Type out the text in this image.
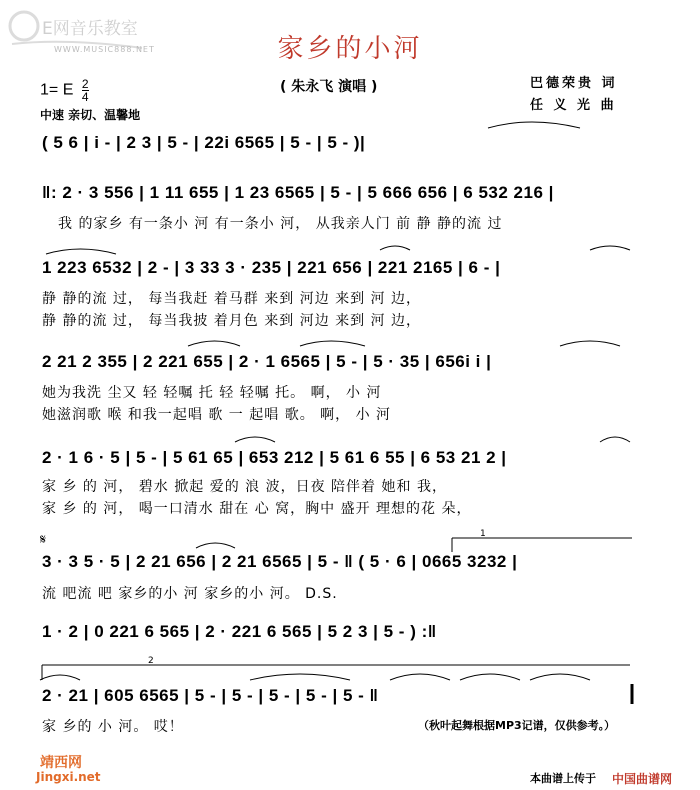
E网音乐教室
WWW.MUSIC888.NET	家乡的小河
( 朱永飞 演唱 )	巴德荣贵 词
任 义 光 曲
1= E $\frac{2}{4}$
中速 亲切、温馨地
( 5 6 | i - | 2 3 | 5 - | 22i 6565 | 5 - | 5 - )|
‖: 2 · 3 556 | 1 11 655 | 1 23 6565 | 5 - | 5 666 656 | 6 532 216 |
我 的家乡 有一条小 河 有一条小 河， 从我亲人门 前 静 静的流 过
1 223 6532 | 2 - | 3 33 3 · 235 | 221 656 | 221 2165 | 6 - |
静 静的流 过， 每当我赶 着马群 来到 河边 来到 河 边，
静 静的流 过， 每当我披 着月色 来到 河边 来到 河 边，
2 21 2 355 | 2 221 655 | 2 · 1 6565 | 5 - | 5 · 35 | 656i i |
她为我洗 尘又 轻 轻嘱 托 轻 轻嘱 托。 啊， 小 河
她滋润歌 喉 和我一起唱 歌 一 起唱 歌。 啊， 小 河
2 · 1 6 · 5 | 5 - | 5 61 65 | 653 212 | 5 61 6 55 | 6 53 21 2 |
家 乡 的 河， 碧水 掀起 爱的 浪 波，日夜 陪伴着 她和 我，
家 乡 的 河， 喝一口清水 甜在 心 窝，胸中 盛开 理想的花 朵，
𝄋
3 · 3 5 · 5 | 2 21 656 | 2 21 6565 | 5 - ‖ ( 5 · 6 | 0665 3232 |
流 吧流 吧 家乡的小 河 家乡的小 河。 D.S.
1 · 2 | 0 221 6 565 | 2 · 221 6 565 | 5 2 3 | 5 - ) :‖
2 · 21 | 605 6565 | 5 - | 5 - | 5 - | 5 - | 5 - ‖
家 乡的 小 河。 哎！	（秋叶起舞根据MP3记谱，仅供参考。）
1
2
靖西网
Jingxi.net	本曲谱上传于 中国曲谱网
